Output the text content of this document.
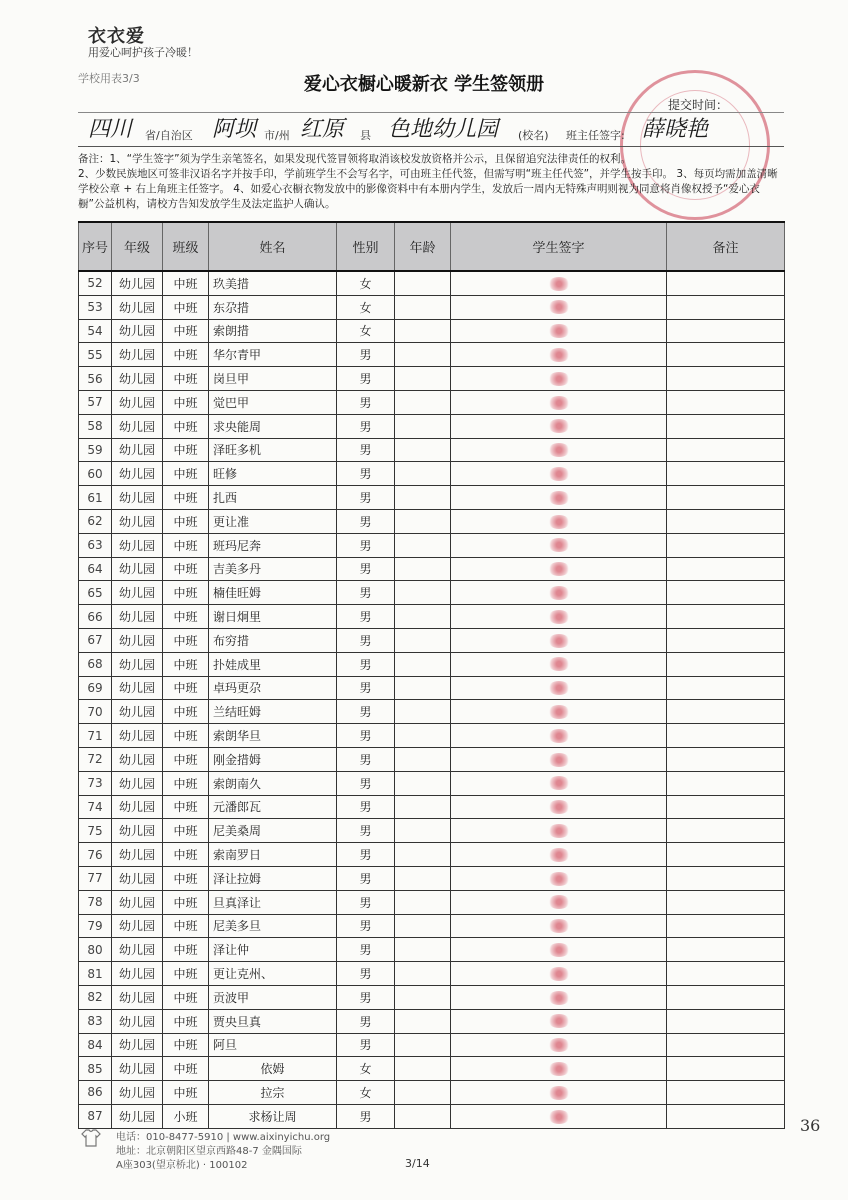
衣衣爱
用爱心呵护孩子冷暖！
学校用表3/3	爱心衣橱心暖新衣 学生签领册
提交时间：
四川 省/自治区 阿坝 市/州 红原 县 色地幼儿园 (校名) 班主任签字: 薛晓艳

备注：1、“学生签字”须为学生亲笔签名，如果发现代签冒领将取消该校发放资格并公示，且保留追究法律责任的权利。

2、少数民族地区可签非汉语名字并按手印，学前班学生不会写名字，可由班主任代签，但需写明“班主任代签”，并学生按手印。 3、每页均需加盖清晰学校公章 + 右上角班主任签字。 4、如爱心衣橱衣物发放中的影像资料中有本册内学生，发放后一周内无特殊声明则视为同意将肖像权授予“爱心衣橱”公益机构，请校方告知发放学生及法定监护人确认。

序号	年级	班级	姓名	性别	年龄	学生签字	备注
52	幼儿园	中班	玖美措	女			
53	幼儿园	中班	东尕措	女			
54	幼儿园	中班	索朗措	女			
55	幼儿园	中班	华尔青甲	男			
56	幼儿园	中班	岗旦甲	男			
57	幼儿园	中班	觉巴甲	男			
58	幼儿园	中班	求央能周	男			
59	幼儿园	中班	泽旺多机	男			
60	幼儿园	中班	旺修	男			
61	幼儿园	中班	扎西	男			
62	幼儿园	中班	更让准	男			
63	幼儿园	中班	班玛尼奔	男			
64	幼儿园	中班	吉美多丹	男			
65	幼儿园	中班	楠佳旺姆	男			
66	幼儿园	中班	谢日炯里	男			
67	幼儿园	中班	布穷措	男			
68	幼儿园	中班	扑娃成里	男			
69	幼儿园	中班	卓玛更尕	男			
70	幼儿园	中班	兰结旺姆	男			
71	幼儿园	中班	索朗华旦	男			
72	幼儿园	中班	刚金措姆	男			
73	幼儿园	中班	索朗南久	男			
74	幼儿园	中班	元潘郎瓦	男			
75	幼儿园	中班	尼美桑周	男			
76	幼儿园	中班	索南罗日	男			
77	幼儿园	中班	泽让拉姆	男			
78	幼儿园	中班	旦真泽让	男			
79	幼儿园	中班	尼美多旦	男			
80	幼儿园	中班	泽让仲	男			
81	幼儿园	中班	更让克州、	男			
82	幼儿园	中班	贡波甲	男			
83	幼儿园	中班	贾央旦真	男			
84	幼儿园	中班	阿旦	男			
85	幼儿园	中班	依姆	女			
86	幼儿园	中班	拉宗	女			
87	幼儿园	小班	求杨让周	男			
电话：010-8477-5910 | www.aixinyichu.org
地址：北京朝阳区望京西路48-7 金隅国际
A座303(望京桥北) · 100102	3/14
36
